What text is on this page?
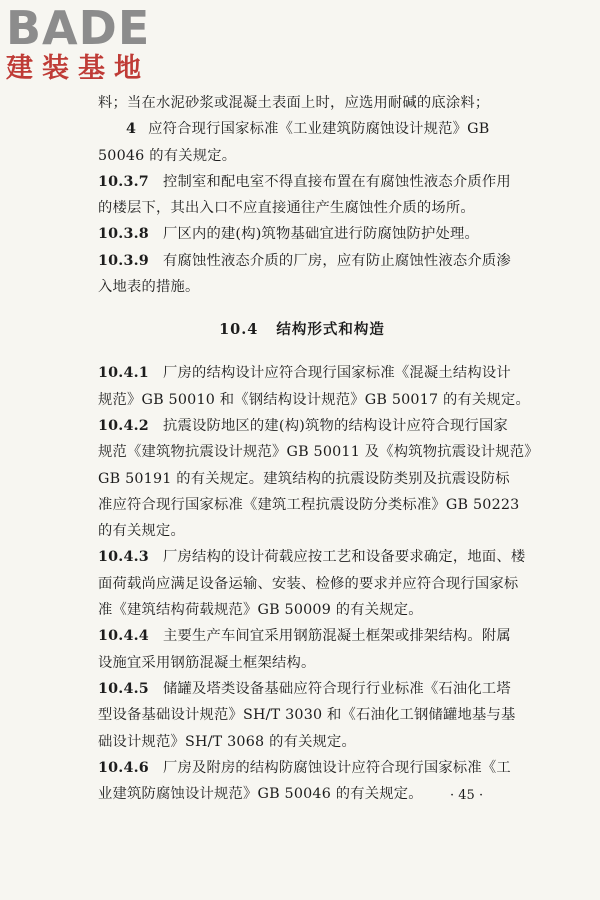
BADE
建装基地
料；当在水泥砂浆或混凝土表面上时，应选用耐碱的底涂料；
4 应符合现行国家标准《工业建筑防腐蚀设计规范》GB
50046 的有关规定。
10.3.7 控制室和配电室不得直接布置在有腐蚀性液态介质作用
的楼层下，其出入口不应直接通往产生腐蚀性介质的场所。
10.3.8 厂区内的建(构)筑物基础宜进行防腐蚀防护处理。
10.3.9 有腐蚀性液态介质的厂房，应有防止腐蚀性液态介质渗
入地表的措施。
10.4 结构形式和构造
10.4.1 厂房的结构设计应符合现行国家标准《混凝土结构设计
规范》GB 50010 和《钢结构设计规范》GB 50017 的有关规定。
10.4.2 抗震设防地区的建(构)筑物的结构设计应符合现行国家
规范《建筑物抗震设计规范》GB 50011 及《构筑物抗震设计规范》
GB 50191 的有关规定。建筑结构的抗震设防类别及抗震设防标
准应符合现行国家标准《建筑工程抗震设防分类标准》GB 50223
的有关规定。
10.4.3 厂房结构的设计荷载应按工艺和设备要求确定，地面、楼
面荷载尚应满足设备运输、安装、检修的要求并应符合现行国家标
准《建筑结构荷载规范》GB 50009 的有关规定。
10.4.4 主要生产车间宜采用钢筋混凝土框架或排架结构。附属
设施宜采用钢筋混凝土框架结构。
10.4.5 储罐及塔类设备基础应符合现行行业标准《石油化工塔
型设备基础设计规范》SH/T 3030 和《石油化工钢储罐地基与基
础设计规范》SH/T 3068 的有关规定。
10.4.6 厂房及附房的结构防腐蚀设计应符合现行国家标准《工
业建筑防腐蚀设计规范》GB 50046 的有关规定。	· 45 ·
